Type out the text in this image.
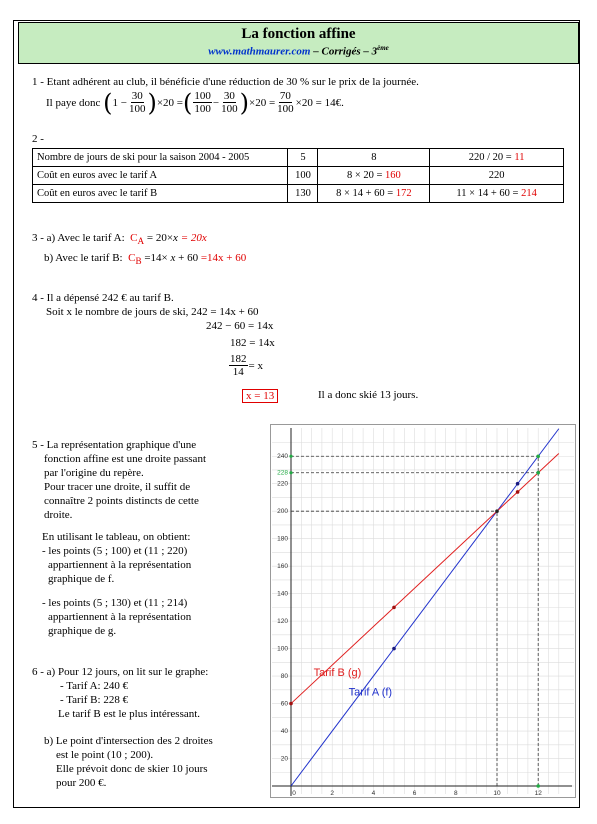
La fonction affine
www.mathmaurer.com – Corrigés – 3ème
1 - Etant adhérent au club, il bénéficie d'une réduction de 30 % sur le prix de la journée.
Il paye donc
( $1 - \frac{30}{100}$ ) ×20 = ( $\frac{100}{100} - \frac{30}{100}$ ) $\times 20 = \frac{70}{100} \times 20$ = 14€.
2 -
Nombre de jours de ski pour la saison 2004 - 2005	5	8	220 / 20 = 11
Coût en euros avec le tarif A	100	8 × 20 = 160	220
Coût en euros avec le tarif B	130	8 × 14 + 60 = 172	11 × 14 + 60 = 214
3 - a) Avec le tarif A: $C_A = 20\times x = 20x$
b) Avec le tarif B: $C_B =14\times x + 60 =14x + 60$
4 - Il a dépensé 242 € au tarif B.
Soit x le nombre de jours de ski, 242 = 14x + 60
242 − 60 = 14x
182 = 14x
$\frac{182}{14} = x$
x = 13	Il a donc skié 13 jours.
5 - La représentation graphique d'une
fonction affine est une droite passant
par l'origine du repère.
Pour tracer une droite, il suffit de
connaître 2 points distincts de cette
droite.
En utilisant le tableau, on obtient:
- les points (5 ; 100) et (11 ; 220)
appartiennent à la représentation
graphique de f.
- les points (5 ; 130) et (11 ; 214)
appartiennent à la représentation
graphique de g.
6 - a) Pour 12 jours, on lit sur le graphe:
- Tarif A: 240 €
- Tarif B: 228 €
Le tarif B est le plus intéressant.
b) Le point d'intersection des 2 droites
est le point (10 ; 200).
Elle prévoit donc de skier 10 jours
pour 200 €.
0	2	4	6	8	10	12
20
40
60
80
100
120
140
160
180
200
220
240
228
Tarif B (g)
Tarif A (f)
